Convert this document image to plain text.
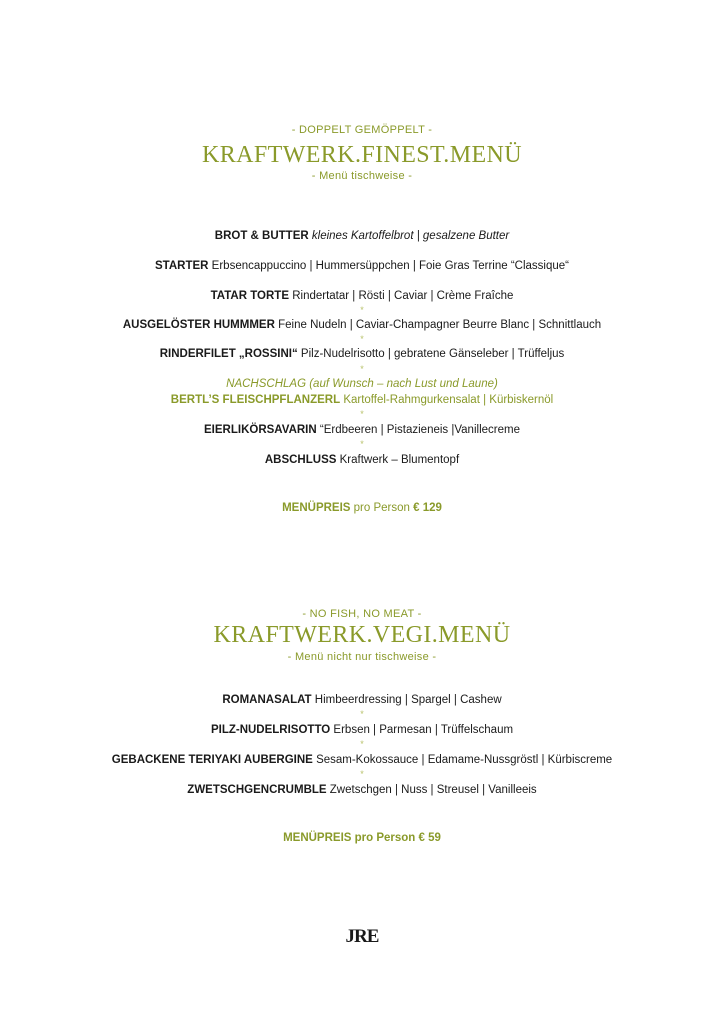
- DOPPELT GEMÖPPELT -
KRAFTWERK.FINEST.MENÜ
- Menü tischweise -
BROT & BUTTER kleines Kartoffelbrot | gesalzene Butter
STARTER Erbsencappuccino | Hummersüppchen | Foie Gras Terrine “Classique“
TATAR TORTE Rindertatar | Rösti | Caviar | Crème Fraîche
*
AUSGELÖSTER HUMMMER Feine Nudeln | Caviar-Champagner Beurre Blanc | Schnittlauch
*
RINDERFILET „ROSSINI“ Pilz-Nudelrisotto | gebratene Gänseleber | Trüffeljus
*
NACHSCHLAG (auf Wunsch – nach Lust und Laune)
BERTL’S FLEISCHPFLANZERL Kartoffel-Rahmgurkensalat | Kürbiskernöl
*
EIERLIKÖRSAVARIN “Erdbeeren | Pistazieneis |Vanillecreme
*
ABSCHLUSS Kraftwerk – Blumentopf
MENÜPREIS pro Person € 129
- NO FISH, NO MEAT -
KRAFTWERK.VEGI.MENÜ
- Menü nicht nur tischweise -
ROMANASALAT Himbeerdressing | Spargel | Cashew
*
PILZ-NUDELRISOTTO Erbsen | Parmesan | Trüffelschaum
*
GEBACKENE TERIYAKI AUBERGINE Sesam-Kokossauce | Edamame-Nussgröstl | Kürbiscreme
*
ZWETSCHGENCRUMBLE Zwetschgen | Nuss | Streusel | Vanilleeis
MENÜPREIS pro Person € 59
JRE
